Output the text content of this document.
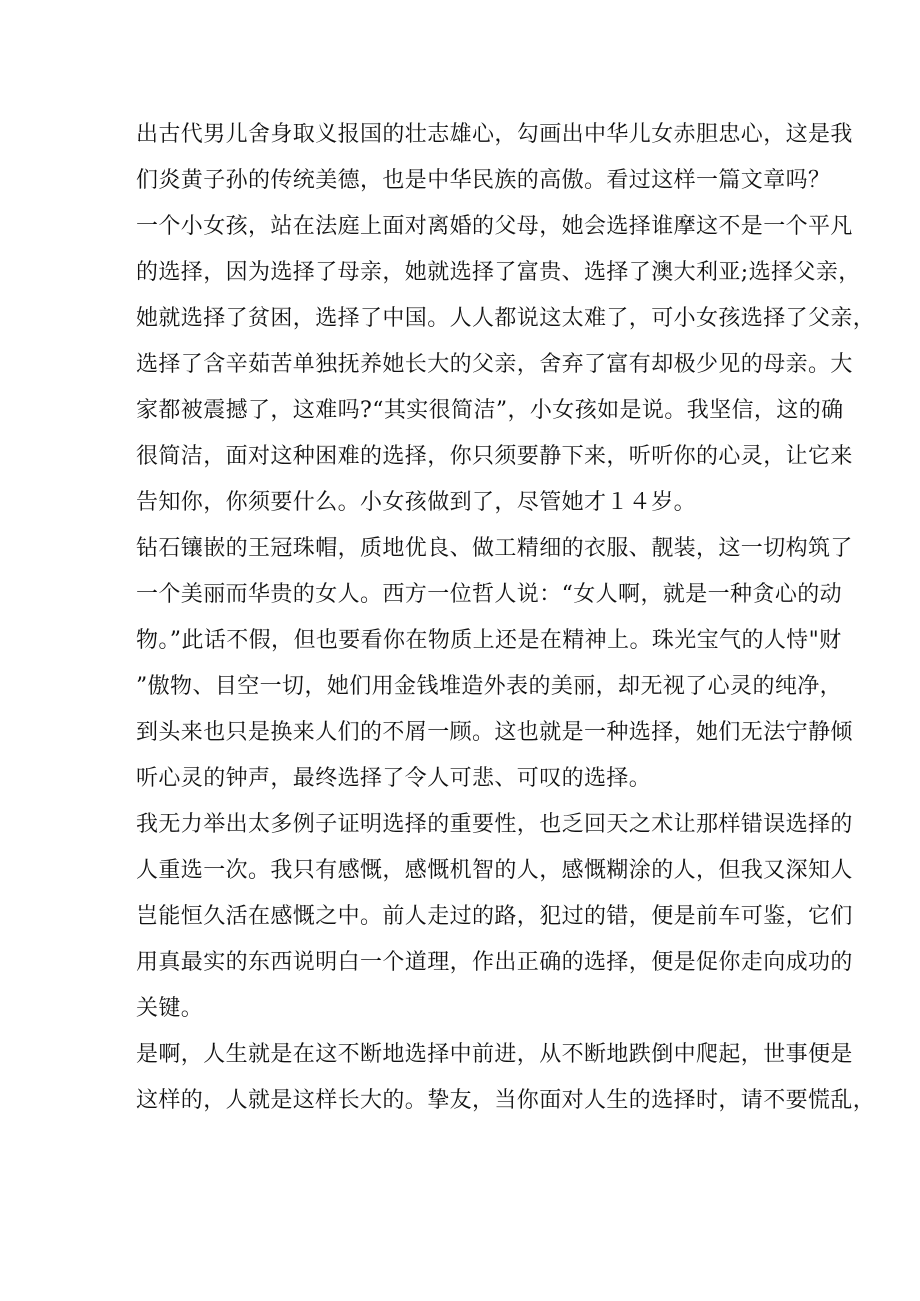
出古代男儿舍身取义报国的壮志雄心，勾画出中华儿女赤胆忠心，这是我
们炎黄子孙的传统美德，也是中华民族的高傲。看过这样一篇文章吗？
一个小女孩，站在法庭上面对离婚的父母，她会选择谁摩这不是一个平凡
的选择，因为选择了母亲，她就选择了富贵、选择了澳大利亚;选择父亲，
她就选择了贫困，选择了中国。人人都说这太难了，可小女孩选择了父亲，
选择了含辛茹苦单独抚养她长大的父亲，舍弃了富有却极少见的母亲。大
家都被震撼了，这难吗?“其实很简洁”，小女孩如是说。我坚信，这的确
很简洁，面对这种困难的选择，你只须要静下来，听听你的心灵，让它来
告知你，你须要什么。小女孩做到了，尽管她才１４岁。
钻石镶嵌的王冠珠帽，质地优良、做工精细的衣服、靓装，这一切构筑了
一个美丽而华贵的女人。西方一位哲人说：“女人啊，就是一种贪心的动
物。”此话不假，但也要看你在物质上还是在精神上。珠光宝气的人恃"财
”傲物、目空一切，她们用金钱堆造外表的美丽，却无视了心灵的纯净，
到头来也只是换来人们的不屑一顾。这也就是一种选择，她们无法宁静倾
听心灵的钟声，最终选择了令人可悲、可叹的选择。
我无力举出太多例子证明选择的重要性，也乏回天之术让那样错误选择的
人重选一次。我只有感慨，感慨机智的人，感慨糊涂的人，但我又深知人
岂能恒久活在感慨之中。前人走过的路，犯过的错，便是前车可鉴，它们
用真最实的东西说明白一个道理，作出正确的选择，便是促你走向成功的
关键。
是啊，人生就是在这不断地选择中前进，从不断地跌倒中爬起，世事便是
这样的，人就是这样长大的。挚友，当你面对人生的选择时，请不要慌乱，
